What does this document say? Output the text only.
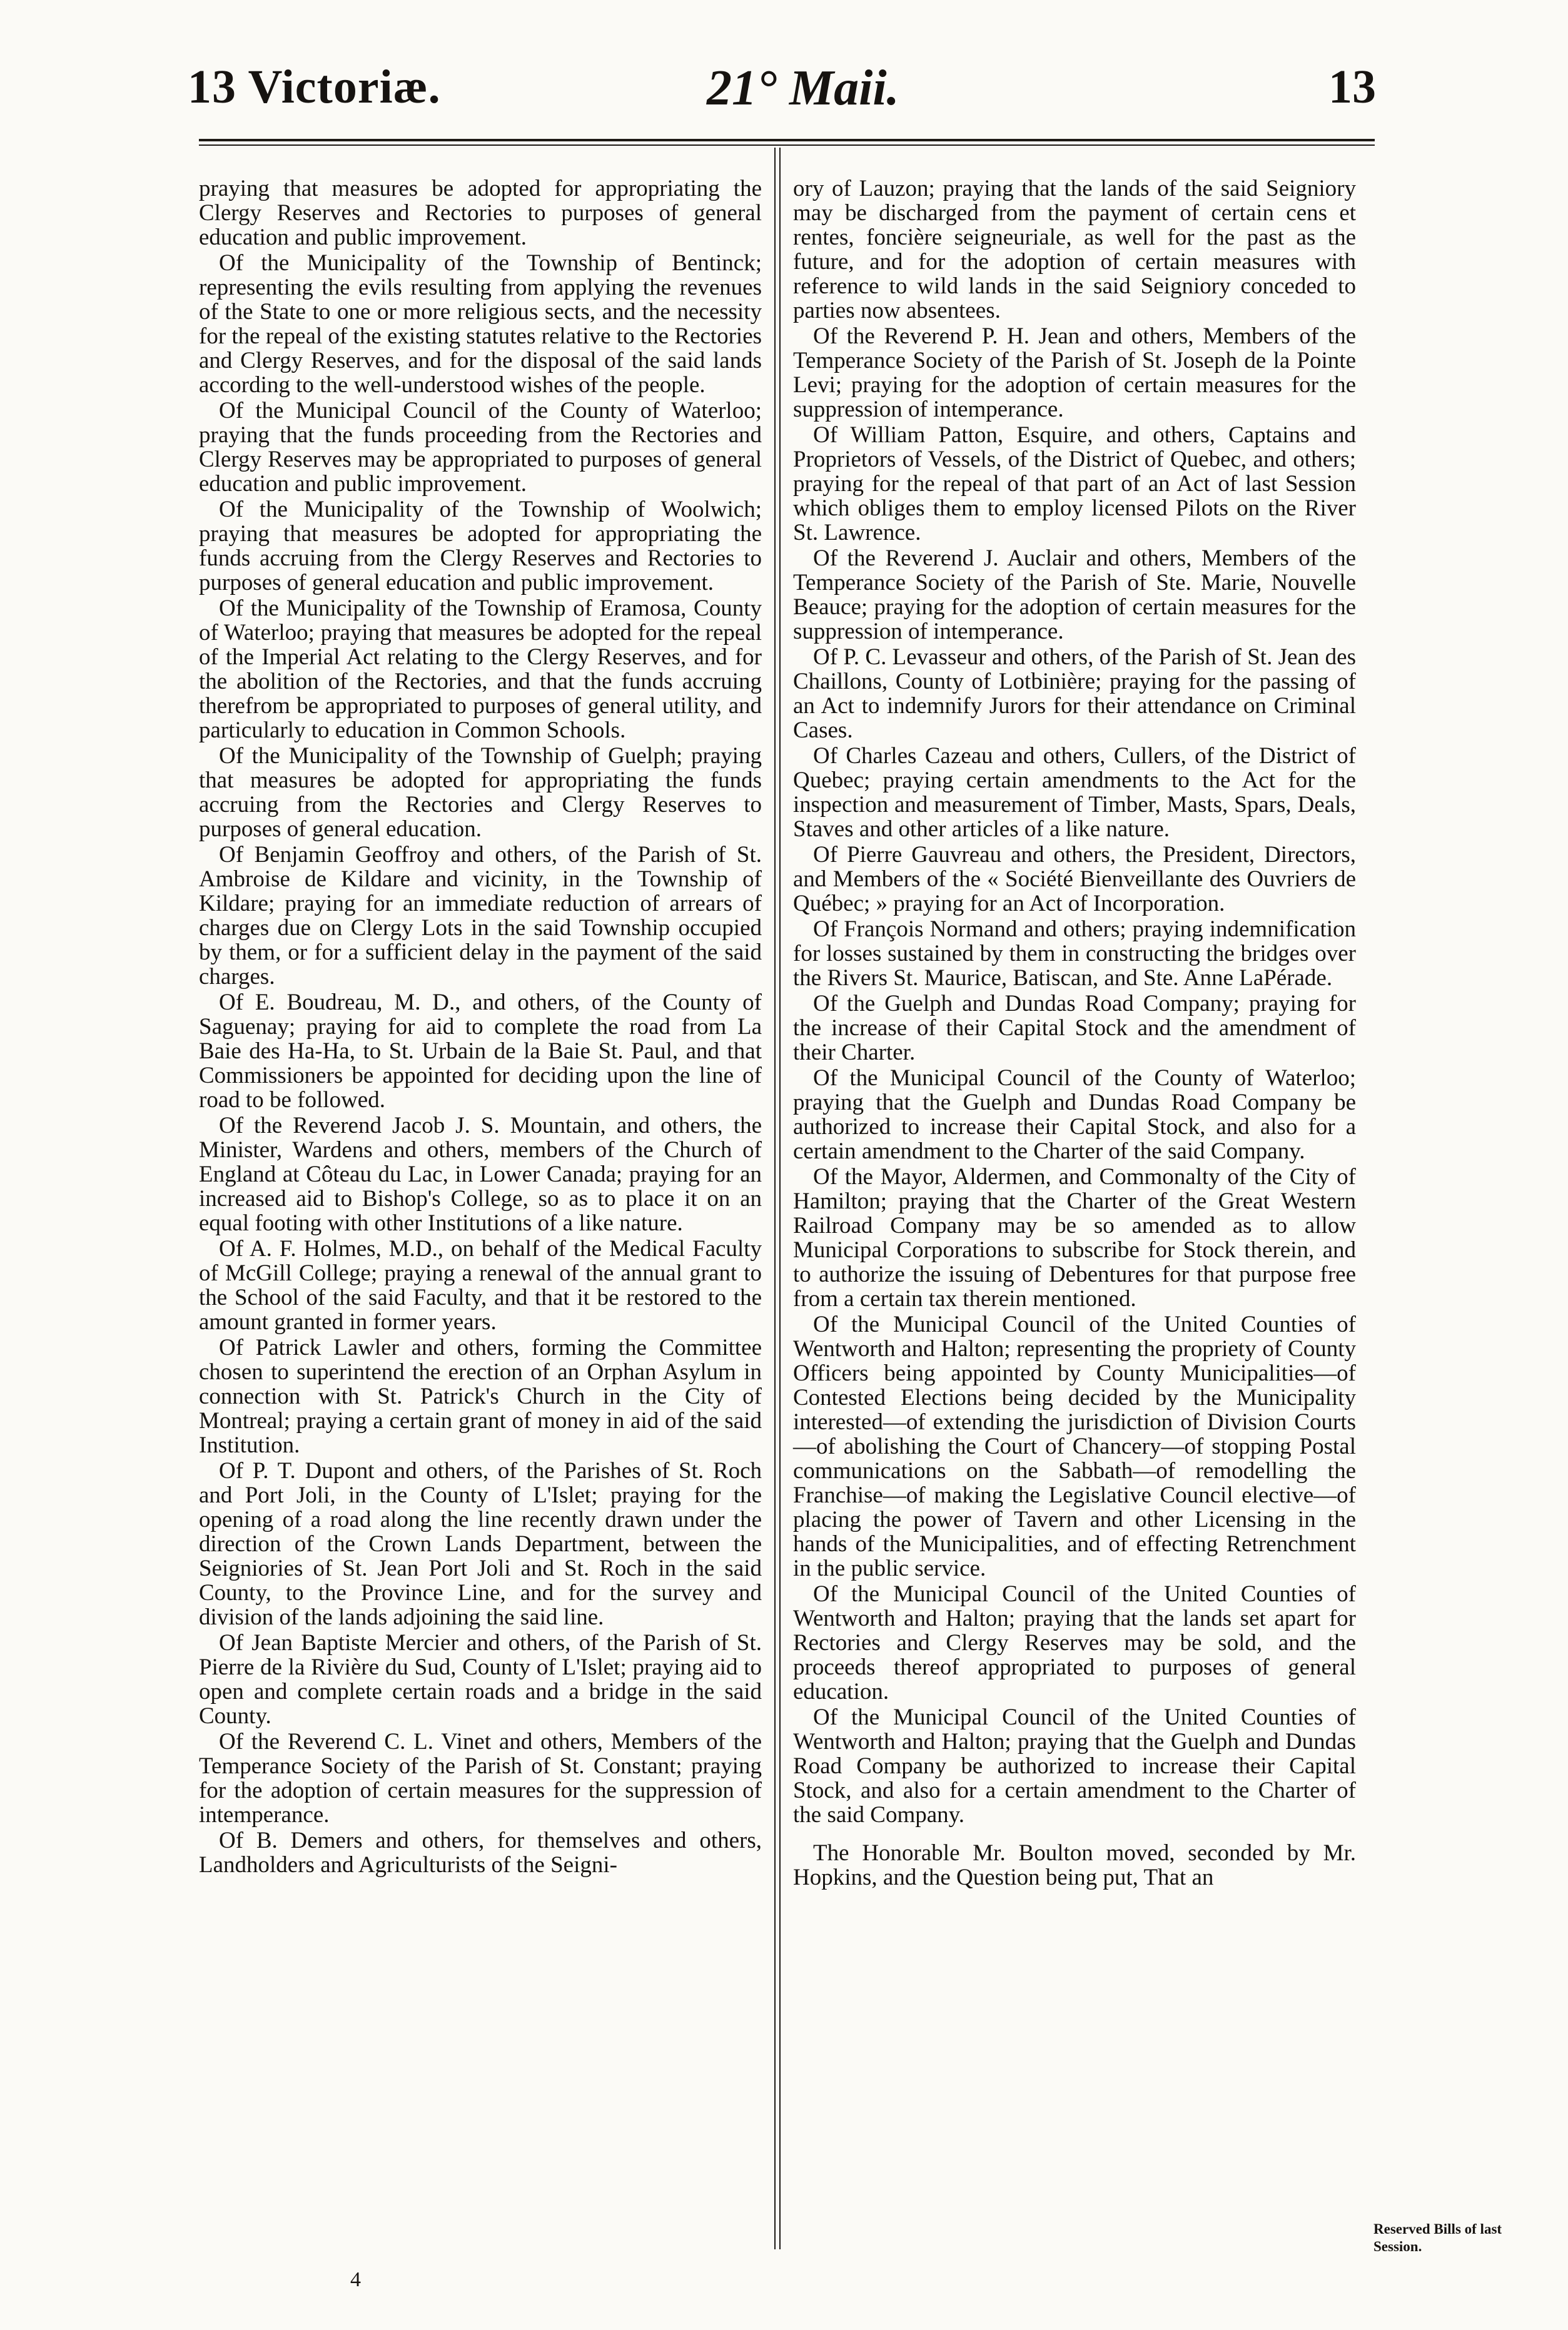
13 Victoriæ.	21° Maii.	13

praying that measures be adopted for appropriating the Clergy Reserves and Rectories to purposes of general education and public improvement.

Of the Municipality of the Township of Bentinck; representing the evils resulting from applying the revenues of the State to one or more religious sects, and the necessity for the repeal of the existing statutes relative to the Rectories and Clergy Reserves, and for the disposal of the said lands according to the well-understood wishes of the people.

Of the Municipal Council of the County of Waterloo; praying that the funds proceeding from the Rectories and Clergy Reserves may be appropriated to purposes of general education and public improvement.

Of the Municipality of the Township of Woolwich; praying that measures be adopted for appropriating the funds accruing from the Clergy Reserves and Rectories to purposes of general education and public improvement.

Of the Municipality of the Township of Eramosa, County of Waterloo; praying that measures be adopted for the repeal of the Imperial Act relating to the Clergy Reserves, and for the abolition of the Rectories, and that the funds accruing therefrom be appropriated to purposes of general utility, and particularly to education in Common Schools.

Of the Municipality of the Township of Guelph; praying that measures be adopted for appropriating the funds accruing from the Rectories and Clergy Reserves to purposes of general education.

Of Benjamin Geoffroy and others, of the Parish of St. Ambroise de Kildare and vicinity, in the Township of Kildare; praying for an immediate reduction of arrears of charges due on Clergy Lots in the said Township occupied by them, or for a sufficient delay in the payment of the said charges.

Of E. Boudreau, M. D., and others, of the County of Saguenay; praying for aid to complete the road from La Baie des Ha-Ha, to St. Urbain de la Baie St. Paul, and that Commissioners be appointed for deciding upon the line of road to be followed.

Of the Reverend Jacob J. S. Mountain, and others, the Minister, Wardens and others, members of the Church of England at Côteau du Lac, in Lower Canada; praying for an increased aid to Bishop's College, so as to place it on an equal footing with other Institutions of a like nature.

Of A. F. Holmes, M.D., on behalf of the Medical Faculty of McGill College; praying a renewal of the annual grant to the School of the said Faculty, and that it be restored to the amount granted in former years.

Of Patrick Lawler and others, forming the Committee chosen to superintend the erection of an Orphan Asylum in connection with St. Patrick's Church in the City of Montreal; praying a certain grant of money in aid of the said Institution.

Of P. T. Dupont and others, of the Parishes of St. Roch and Port Joli, in the County of L'Islet; praying for the opening of a road along the line recently drawn under the direction of the Crown Lands Department, between the Seigniories of St. Jean Port Joli and St. Roch in the said County, to the Province Line, and for the survey and division of the lands adjoining the said line.

Of Jean Baptiste Mercier and others, of the Parish of St. Pierre de la Rivière du Sud, County of L'Islet; praying aid to open and complete certain roads and a bridge in the said County.

Of the Reverend C. L. Vinet and others, Members of the Temperance Society of the Parish of St. Constant; praying for the adoption of certain measures for the suppression of intemperance.

Of B. Demers and others, for themselves and others, Landholders and Agriculturists of the Seigni-

ory of Lauzon; praying that the lands of the said Seigniory may be discharged from the payment of certain cens et rentes, foncière seigneuriale, as well for the past as the future, and for the adoption of certain measures with reference to wild lands in the said Seigniory conceded to parties now absentees.

Of the Reverend P. H. Jean and others, Members of the Temperance Society of the Parish of St. Joseph de la Pointe Levi; praying for the adoption of certain measures for the suppression of intemperance.

Of William Patton, Esquire, and others, Captains and Proprietors of Vessels, of the District of Quebec, and others; praying for the repeal of that part of an Act of last Session which obliges them to employ licensed Pilots on the River St. Lawrence.

Of the Reverend J. Auclair and others, Members of the Temperance Society of the Parish of Ste. Marie, Nouvelle Beauce; praying for the adoption of certain measures for the suppression of intemperance.

Of P. C. Levasseur and others, of the Parish of St. Jean des Chaillons, County of Lotbinière; praying for the passing of an Act to indemnify Jurors for their attendance on Criminal Cases.

Of Charles Cazeau and others, Cullers, of the District of Quebec; praying certain amendments to the Act for the inspection and measurement of Timber, Masts, Spars, Deals, Staves and other articles of a like nature.

Of Pierre Gauvreau and others, the President, Directors, and Members of the « Société Bienveillante des Ouvriers de Québec; » praying for an Act of Incorporation.

Of François Normand and others; praying indemnification for losses sustained by them in constructing the bridges over the Rivers St. Maurice, Batiscan, and Ste. Anne LaPérade.

Of the Guelph and Dundas Road Company; praying for the increase of their Capital Stock and the amendment of their Charter.

Of the Municipal Council of the County of Waterloo; praying that the Guelph and Dundas Road Company be authorized to increase their Capital Stock, and also for a certain amendment to the Charter of the said Company.

Of the Mayor, Aldermen, and Commonalty of the City of Hamilton; praying that the Charter of the Great Western Railroad Company may be so amended as to allow Municipal Corporations to subscribe for Stock therein, and to authorize the issuing of Debentures for that purpose free from a certain tax therein mentioned.

Of the Municipal Council of the United Counties of Wentworth and Halton; representing the propriety of County Officers being appointed by County Municipalities—of Contested Elections being decided by the Municipality interested—of extending the jurisdiction of Division Courts—of abolishing the Court of Chancery—of stopping Postal communications on the Sabbath—of remodelling the Franchise—of making the Legislative Council elective—of placing the power of Tavern and other Licensing in the hands of the Municipalities, and of effecting Retrenchment in the public service.

Of the Municipal Council of the United Counties of Wentworth and Halton; praying that the lands set apart for Rectories and Clergy Reserves may be sold, and the proceeds thereof appropriated to purposes of general education.

Of the Municipal Council of the United Counties of Wentworth and Halton; praying that the Guelph and Dundas Road Company be authorized to increase their Capital Stock, and also for a certain amendment to the Charter of the said Company.

The Honorable Mr. Boulton moved, seconded by Mr. Hopkins, and the Question being put, That an

4
Reserved Bills of last Session.
